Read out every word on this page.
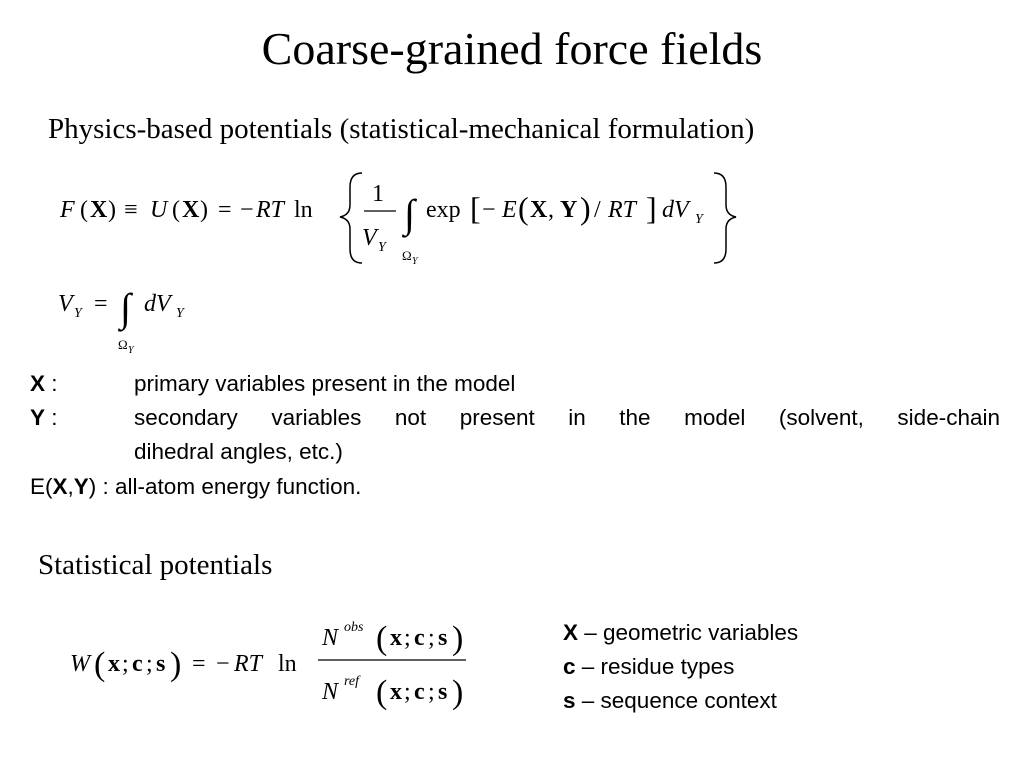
Coarse-grained force fields
Physics-based potentials (statistical-mechanical formulation)
F ( X ) ≡ U ( X ) = − RT ln
1
V Y
∫
Ω Y
exp [ − E ( X , Y ) / RT ] dV Y
V Y = ∫
Ω Y
dV Y
X :	primary variables present in the model
Y :	secondary variables not present in the model (solvent, side-chain
dihedral angles, etc.)
E(X,Y) : all-atom energy function.
Statistical potentials
W ( x ; c ; s ) = − RT ln
N obs ( x ; c ; s )
N ref ( x ; c ; s )
X – geometric variables
c – residue types
s – sequence context
